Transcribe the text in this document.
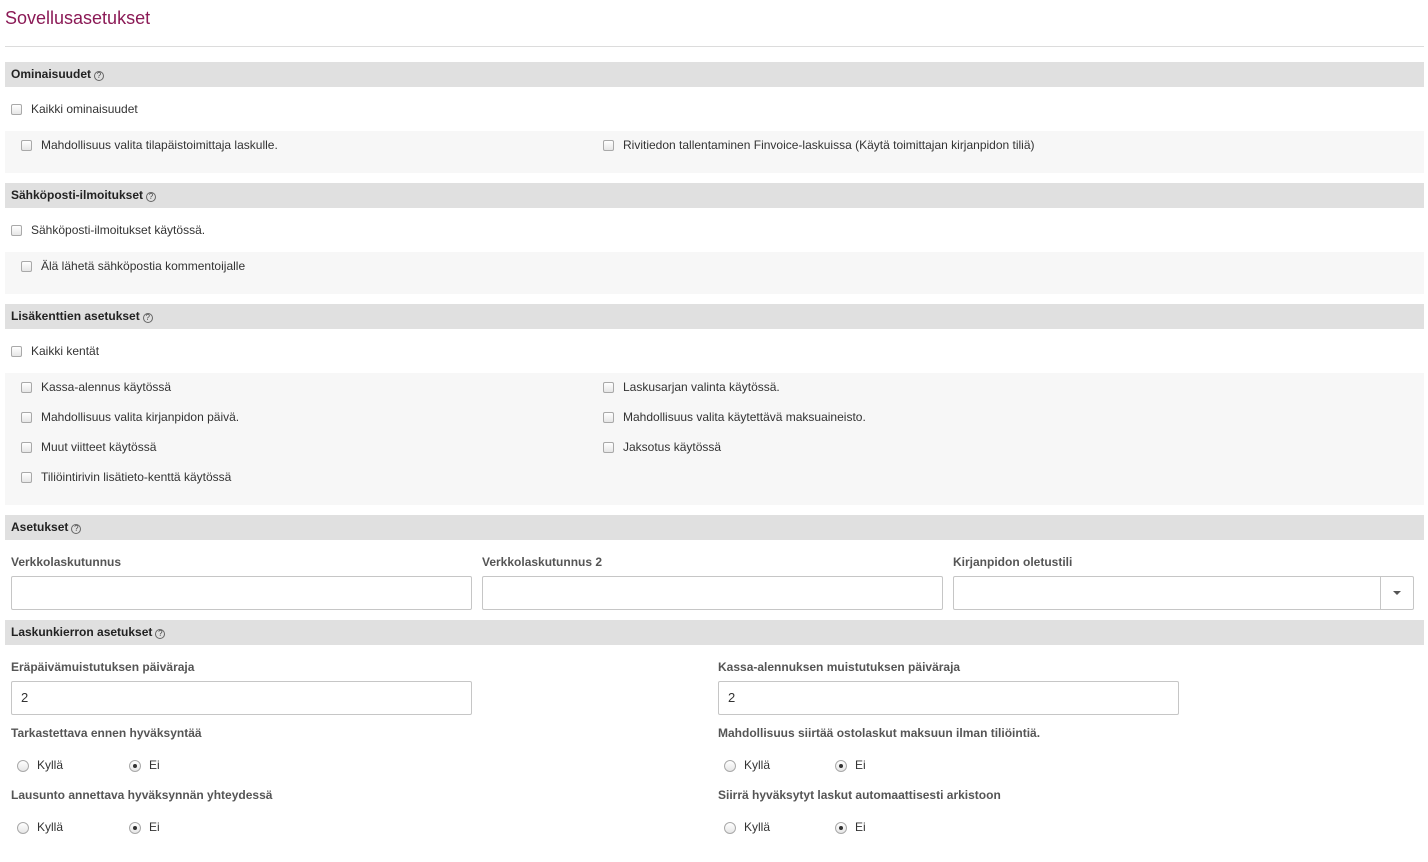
Sovellusasetukset
Ominaisuudet ?
Kaikki ominaisuudet
Mahdollisuus valita tilapäistoimittaja laskulle.	Rivitiedon tallentaminen Finvoice-laskuissa (Käytä toimittajan kirjanpidon tiliä)
Sähköposti-ilmoitukset ?
Sähköposti-ilmoitukset käytössä.
Älä lähetä sähköpostia kommentoijalle
Lisäkenttien asetukset ?
Kaikki kentät
Kassa-alennus käytössä	Laskusarjan valinta käytössä.
Mahdollisuus valita kirjanpidon päivä.	Mahdollisuus valita käytettävä maksuaineisto.
Muut viitteet käytössä	Jaksotus käytössä
Tiliöintirivin lisätieto-kenttä käytössä
Asetukset ?
Verkkolaskutunnus	Verkkolaskutunnus 2	Kirjanpidon oletustili
Laskunkierron asetukset ?
Eräpäivämuistutuksen päiväraja
2
Kassa-alennuksen muistutuksen päiväraja
2
Tarkastettava ennen hyväksyntää
Kyllä	Ei
Mahdollisuus siirtää ostolaskut maksuun ilman tiliöintiä.
Kyllä	Ei
Lausunto annettava hyväksynnän yhteydessä
Kyllä	Ei
Siirrä hyväksytyt laskut automaattisesti arkistoon
Kyllä	Ei
